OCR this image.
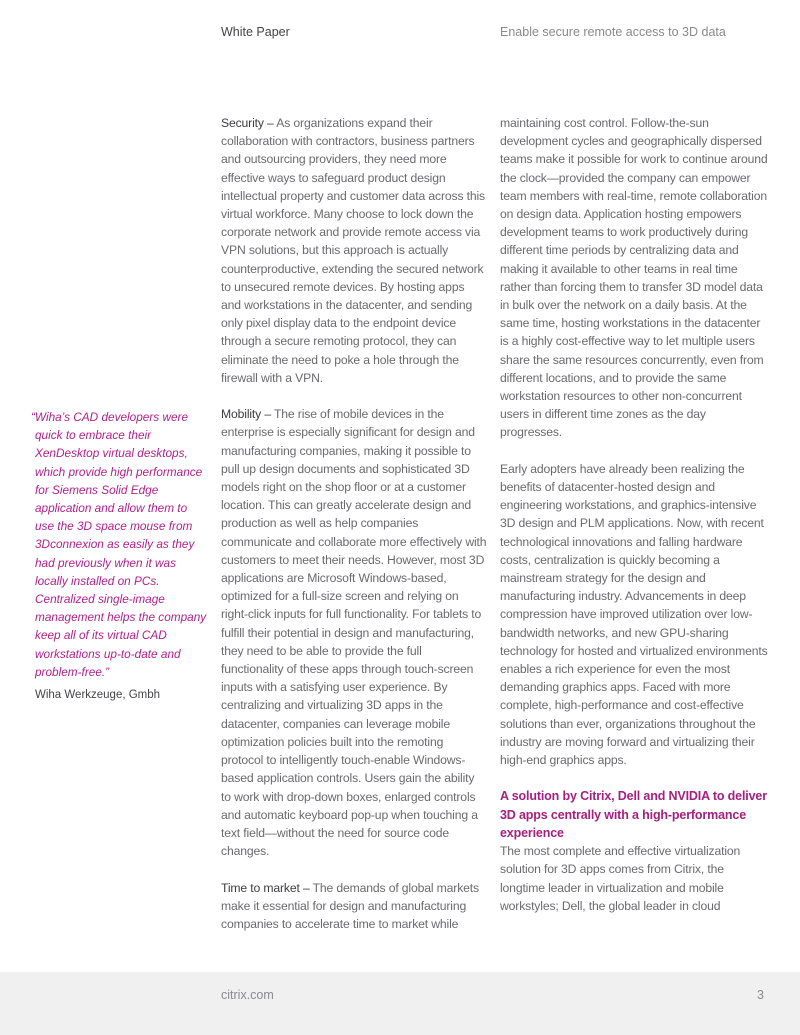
White Paper	Enable secure remote access to 3D data
“Wiha’s CAD developers were quick to embrace their XenDesktop virtual desktops, which provide high performance for Siemens Solid Edge application and allow them to use the 3D space mouse from 3Dconnexion as easily as they had previously when it was locally installed on PCs. Centralized single-image management helps the company keep all of its virtual CAD workstations up-to-date and problem-free.”
Wiha Werkzeuge, Gmbh

Security – As organizations expand their collaboration with contractors, business partners and outsourcing providers, they need more effective ways to safeguard product design intellectual property and customer data across this virtual workforce. Many choose to lock down the corporate network and provide remote access via VPN solutions, but this approach is actually counterproductive, extending the secured network to unsecured remote devices. By hosting apps and workstations in the datacenter, and sending only pixel display data to the endpoint device through a secure remoting protocol, they can eliminate the need to poke a hole through the firewall with a VPN.

Mobility – The rise of mobile devices in the enterprise is especially significant for design and manufacturing companies, making it possible to pull up design documents and sophisticated 3D models right on the shop floor or at a customer location. This can greatly accelerate design and production as well as help companies communicate and collaborate more effectively with customers to meet their needs. However, most 3D applications are Microsoft Windows-based, optimized for a full-size screen and relying on right-click inputs for full functionality. For tablets to fulfill their potential in design and manufacturing, they need to be able to provide the full functionality of these apps through touch-screen inputs with a satisfying user experience. By centralizing and virtualizing 3D apps in the datacenter, companies can leverage mobile optimization policies built into the remoting protocol to intelligently touch-enable Windows-based application controls. Users gain the ability to work with drop-down boxes, enlarged controls and automatic keyboard pop-up when touching a text field—without the need for source code changes.

Time to market – The demands of global markets make it essential for design and manufacturing companies to accelerate time to market while

maintaining cost control. Follow-the-sun development cycles and geographically dispersed teams make it possible for work to continue around the clock—provided the company can empower team members with real-time, remote collaboration on design data. Application hosting empowers development teams to work productively during different time periods by centralizing data and making it available to other teams in real time rather than forcing them to transfer 3D model data in bulk over the network on a daily basis. At the same time, hosting workstations in the datacenter is a highly cost-effective way to let multiple users share the same resources concurrently, even from different locations, and to provide the same workstation resources to other non-concurrent users in different time zones as the day progresses.

Early adopters have already been realizing the benefits of datacenter-hosted design and engineering workstations, and graphics-intensive 3D design and PLM applications. Now, with recent technological innovations and falling hardware costs, centralization is quickly becoming a mainstream strategy for the design and manufacturing industry. Advancements in deep compression have improved utilization over low-bandwidth networks, and new GPU-sharing technology for hosted and virtualized environments enables a rich experience for even the most demanding graphics apps. Faced with more complete, high-performance and cost-effective solutions than ever, organizations throughout the industry are moving forward and virtualizing their high-end graphics apps.

A solution by Citrix, Dell and NVIDIA to deliver 3D apps centrally with a high-performance experience

The most complete and effective virtualization solution for 3D apps comes from Citrix, the longtime leader in virtualization and mobile workstyles; Dell, the global leader in cloud

citrix.com	3
